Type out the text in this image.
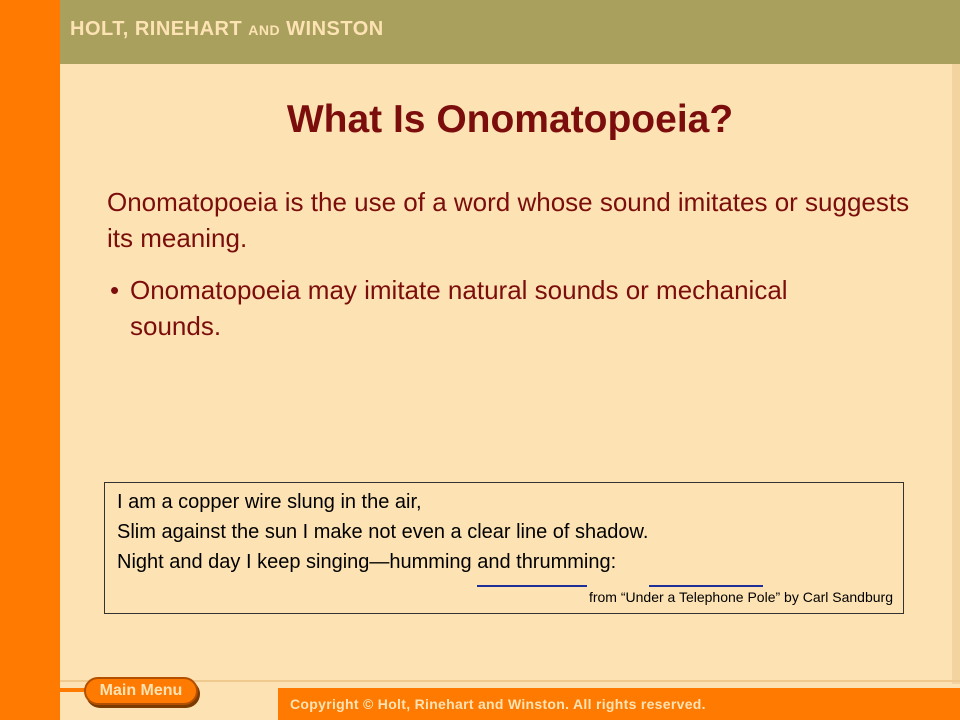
HOLT, RINEHART AND WINSTON
What Is Onomatopoeia?

Onomatopoeia is the use of a word whose sound imitates or suggests its meaning.

• Onomatopoeia may imitate natural sounds or mechanical sounds.
I am a copper wire slung in the air,
Slim against the sun I make not even a clear line of shadow.
Night and day I keep singing—humming and thrumming:
from “Under a Telephone Pole” by Carl Sandburg
Copyright © Holt, Rinehart and Winston. All rights reserved.
Main Menu
